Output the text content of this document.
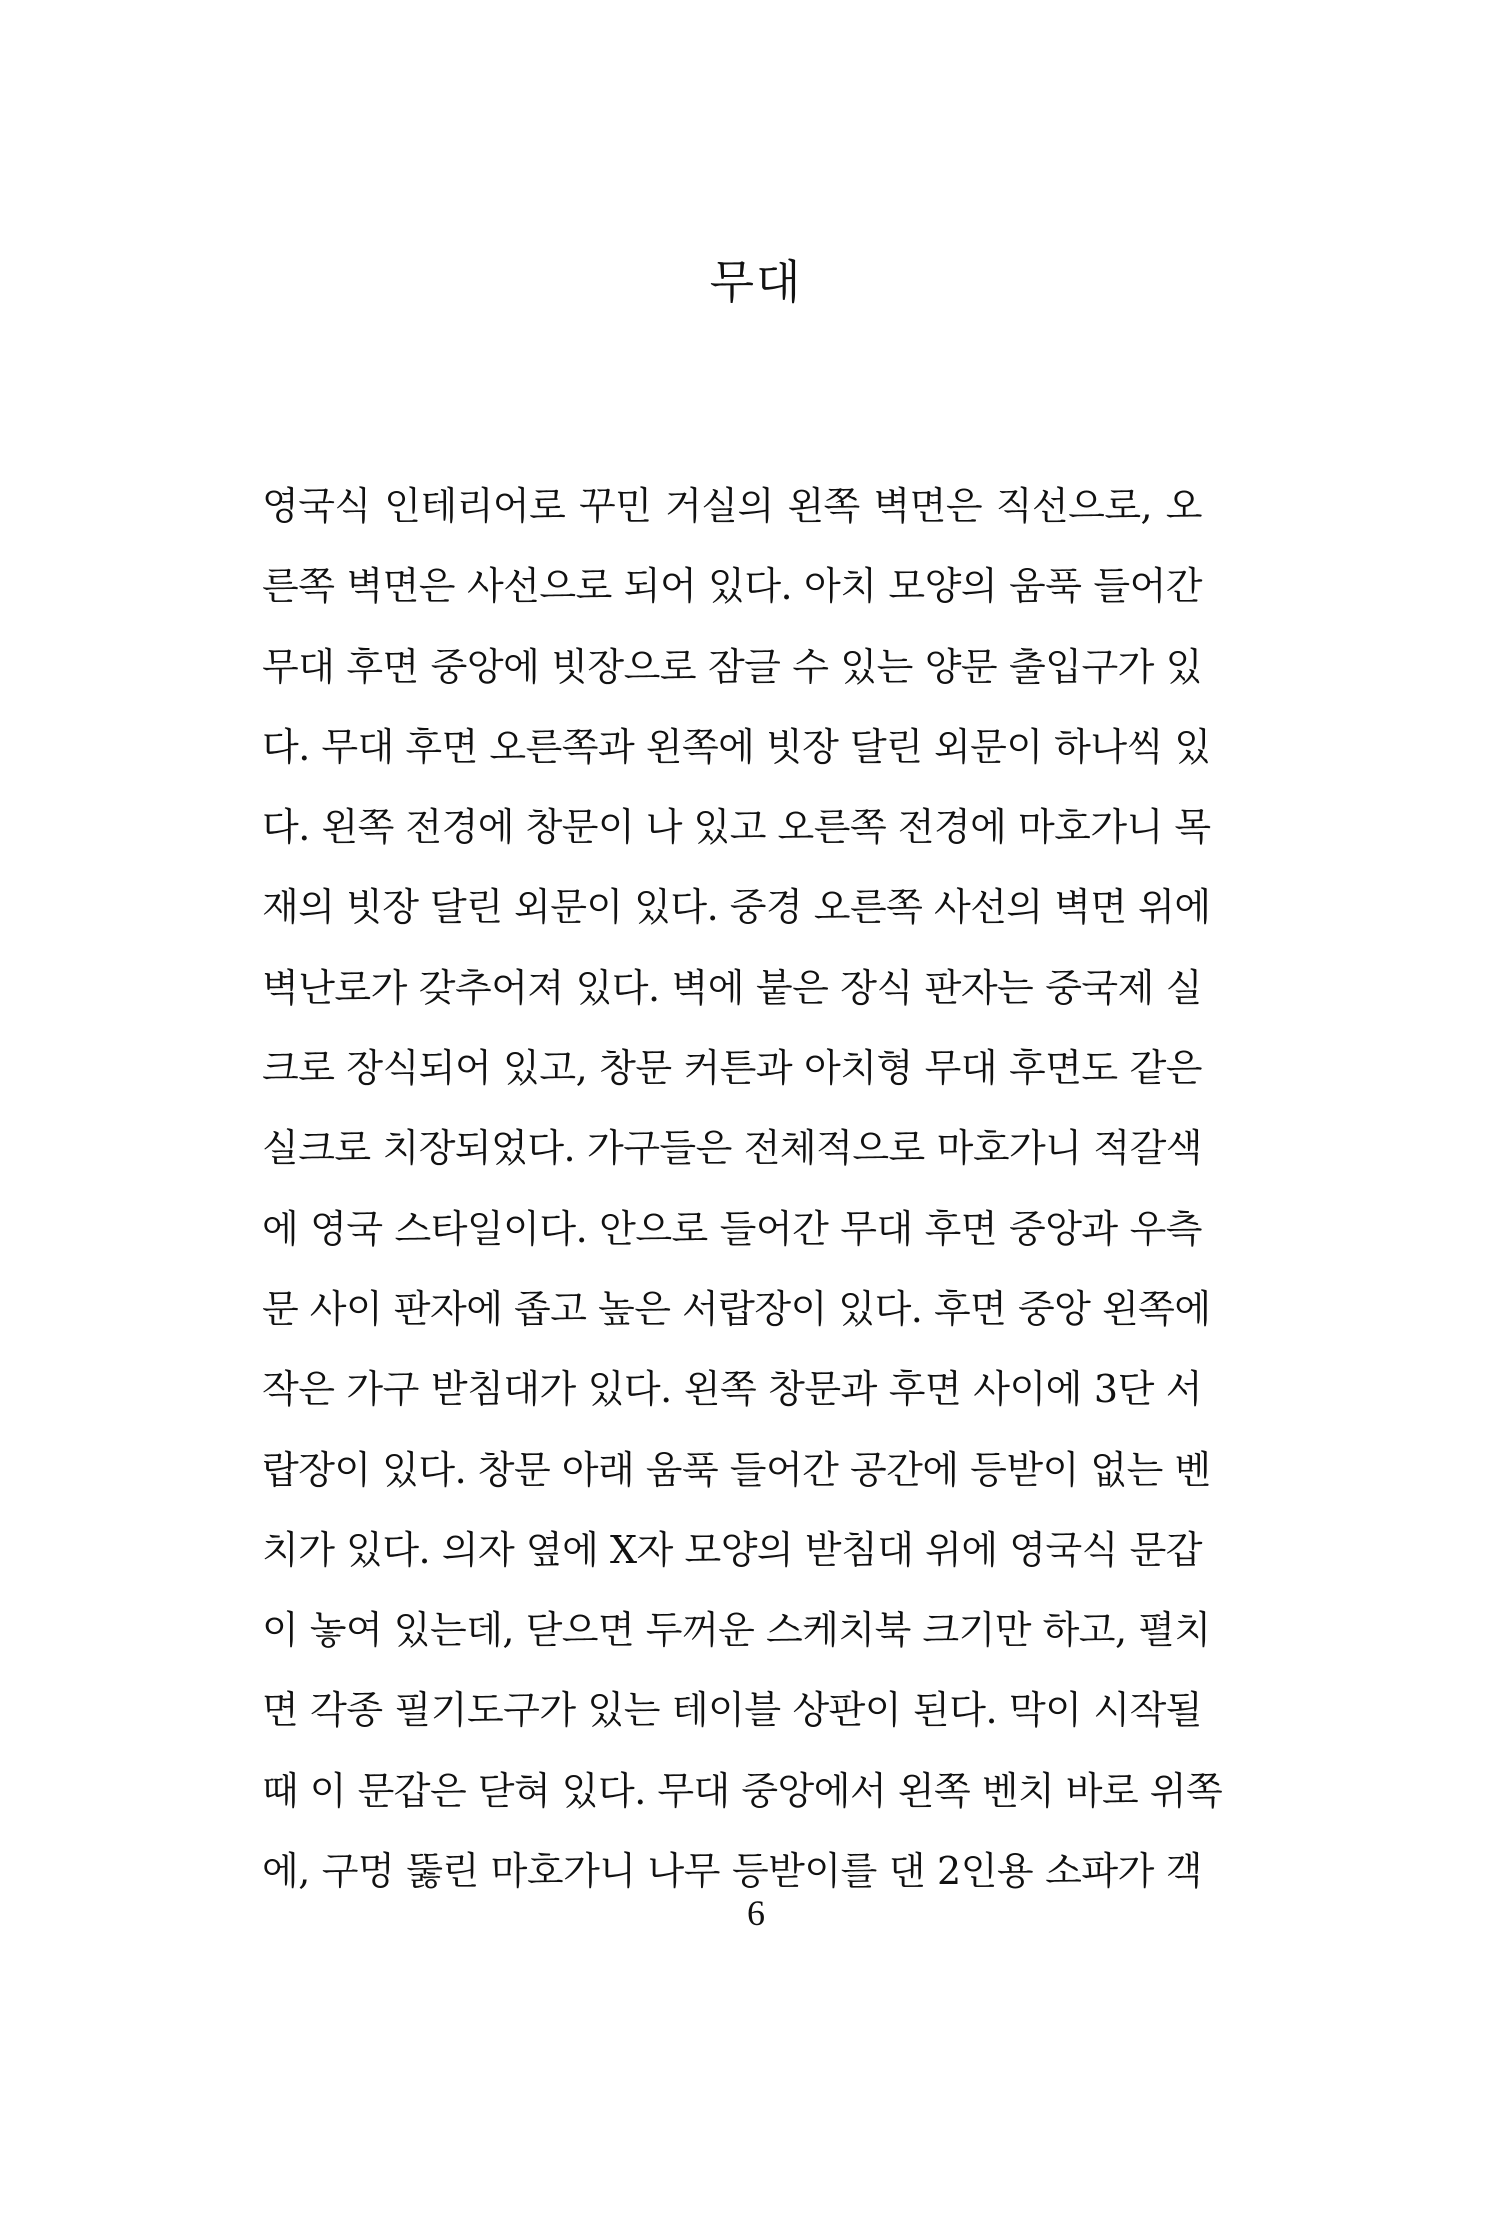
무대
영국식 인테리어로 꾸민 거실의 왼쪽 벽면은 직선으로, 오
른쪽 벽면은 사선으로 되어 있다. 아치 모양의 움푹 들어간
무대 후면 중앙에 빗장으로 잠글 수 있는 양문 출입구가 있
다. 무대 후면 오른쪽과 왼쪽에 빗장 달린 외문이 하나씩 있
다. 왼쪽 전경에 창문이 나 있고 오른쪽 전경에 마호가니 목
재의 빗장 달린 외문이 있다. 중경 오른쪽 사선의 벽면 위에
벽난로가 갖추어져 있다. 벽에 붙은 장식 판자는 중국제 실
크로 장식되어 있고, 창문 커튼과 아치형 무대 후면도 같은
실크로 치장되었다. 가구들은 전체적으로 마호가니 적갈색
에 영국 스타일이다. 안으로 들어간 무대 후면 중앙과 우측
문 사이 판자에 좁고 높은 서랍장이 있다. 후면 중앙 왼쪽에
작은 가구 받침대가 있다. 왼쪽 창문과 후면 사이에 3단 서
랍장이 있다. 창문 아래 움푹 들어간 공간에 등받이 없는 벤
치가 있다. 의자 옆에 X자 모양의 받침대 위에 영국식 문갑
이 놓여 있는데, 닫으면 두꺼운 스케치북 크기만 하고, 펼치
면 각종 필기도구가 있는 테이블 상판이 된다. 막이 시작될
때 이 문갑은 닫혀 있다. 무대 중앙에서 왼쪽 벤치 바로 위쪽
에, 구멍 뚫린 마호가니 나무 등받이를 댄 2인용 소파가 객
6
